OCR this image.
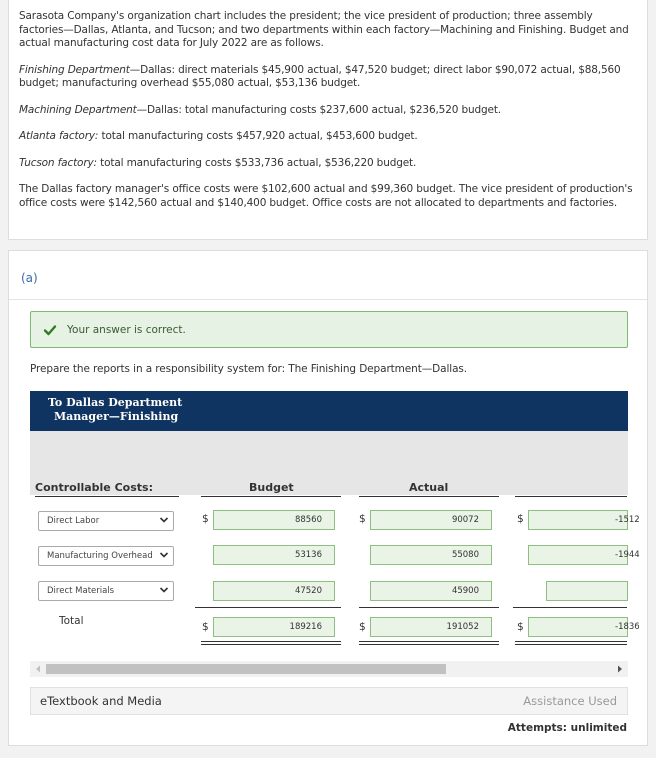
Sarasota Company's organization chart includes the president; the vice president of production; three assembly factories—Dallas, Atlanta, and Tucson; and two departments within each factory—Machining and Finishing. Budget and actual manufacturing cost data for July 2022 are as follows.

Finishing Department—Dallas: direct materials $45,900 actual, $47,520 budget; direct labor $90,072 actual, $88,560 budget; manufacturing overhead $55,080 actual, $53,136 budget.

Machining Department—Dallas: total manufacturing costs $237,600 actual, $236,520 budget.

Atlanta factory: total manufacturing costs $457,920 actual, $453,600 budget.

Tucson factory: total manufacturing costs $533,736 actual, $536,220 budget.

The Dallas factory manager's office costs were $102,600 actual and $99,360 budget. The vice president of production's office costs were $142,560 actual and $140,400 budget. Office costs are not allocated to departments and factories.

(a)
Your answer is correct.
Prepare the reports in a responsibility system for: The Finishing Department—Dallas.
To Dallas Department
Manager—Finishing
Controllable Costs:	Budget	Actual
Direct Labor	$	88560	$	90072	$	-1512
Manufacturing Overhead	53136	55080	-1944
Direct Materials	47520	45900
Total	$	189216	$	191052	$	-1836
eTextbook and Media	Assistance Used
Attempts: unlimited
